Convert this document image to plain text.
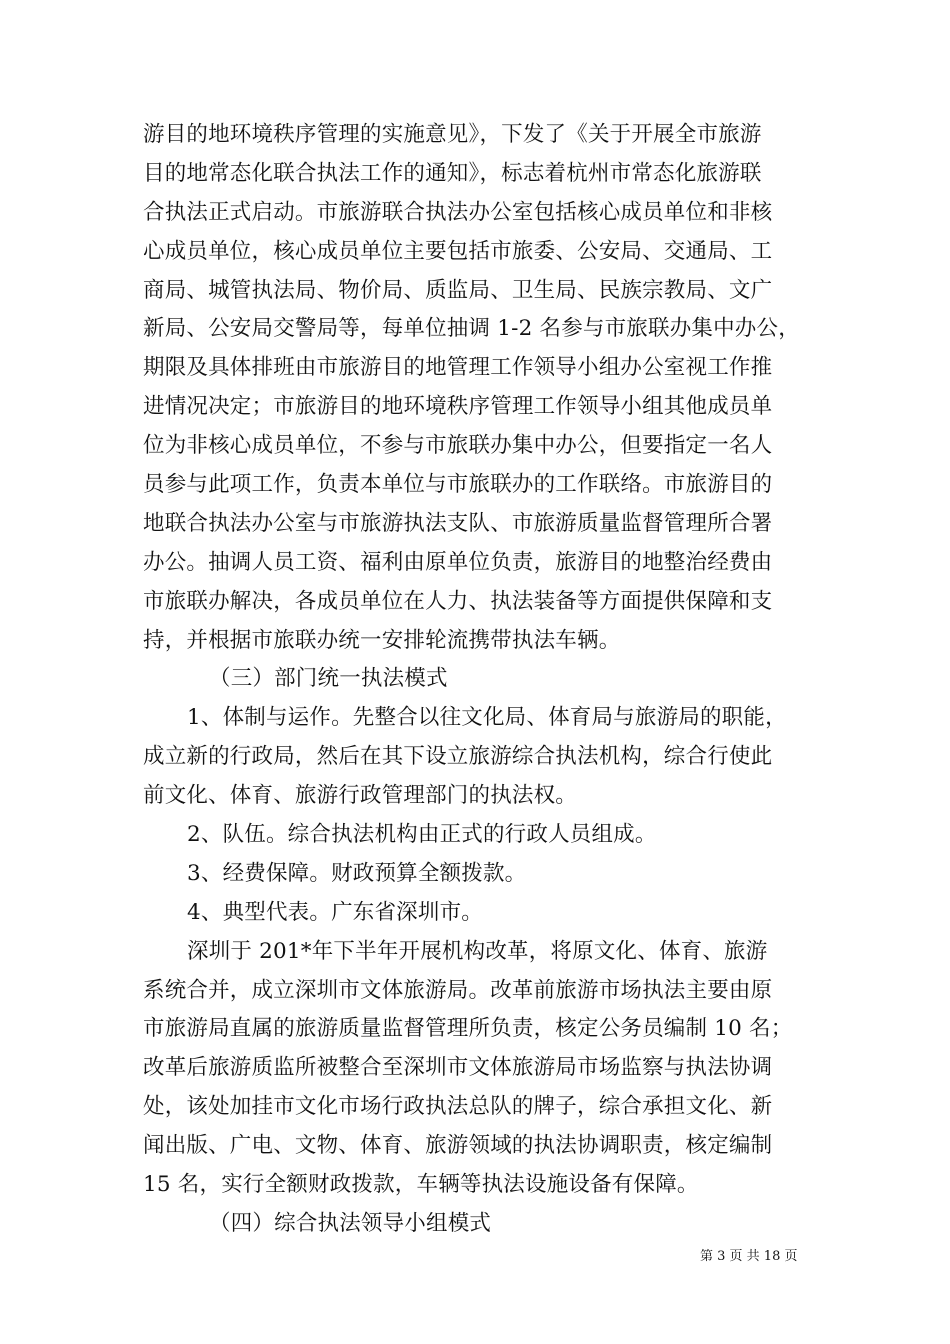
游目的地环境秩序管理的实施意见》，下发了《关于开展全市旅游
目的地常态化联合执法工作的通知》，标志着杭州市常态化旅游联
合执法正式启动。市旅游联合执法办公室包括核心成员单位和非核
心成员单位，核心成员单位主要包括市旅委、公安局、交通局、工
商局、城管执法局、物价局、质监局、卫生局、民族宗教局、文广
新局、公安局交警局等，每单位抽调 1-2 名参与市旅联办集中办公，
期限及具体排班由市旅游目的地管理工作领导小组办公室视工作推
进情况决定；市旅游目的地环境秩序管理工作领导小组其他成员单
位为非核心成员单位，不参与市旅联办集中办公，但要指定一名人
员参与此项工作，负责本单位与市旅联办的工作联络。市旅游目的
地联合执法办公室与市旅游执法支队、市旅游质量监督管理所合署
办公。抽调人员工资、福利由原单位负责，旅游目的地整治经费由
市旅联办解决，各成员单位在人力、执法装备等方面提供保障和支
持，并根据市旅联办统一安排轮流携带执法车辆。
（三）部门统一执法模式
1、体制与运作。先整合以往文化局、体育局与旅游局的职能，
成立新的行政局，然后在其下设立旅游综合执法机构，综合行使此
前文化、体育、旅游行政管理部门的执法权。
2、队伍。综合执法机构由正式的行政人员组成。
3、经费保障。财政预算全额拨款。
4、典型代表。广东省深圳市。
深圳于 201*年下半年开展机构改革，将原文化、体育、旅游
系统合并，成立深圳市文体旅游局。改革前旅游市场执法主要由原
市旅游局直属的旅游质量监督管理所负责，核定公务员编制 10 名；
改革后旅游质监所被整合至深圳市文体旅游局市场监察与执法协调
处，该处加挂市文化市场行政执法总队的牌子，综合承担文化、新
闻出版、广电、文物、体育、旅游领域的执法协调职责，核定编制
15 名，实行全额财政拨款，车辆等执法设施设备有保障。
（四）综合执法领导小组模式
第 3 页 共 18 页
